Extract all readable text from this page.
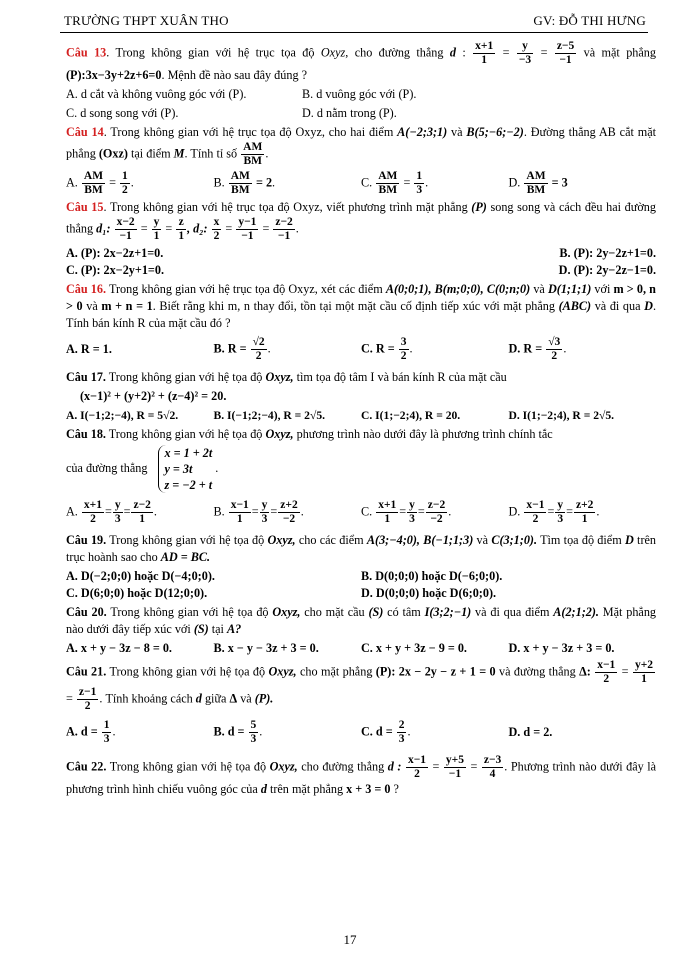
TRƯỜNG THPT XUÂN THO	GV: ĐỖ THI HƯNG
Câu 13. Trong không gian với hệ trục tọa độ Oxyz, cho đường thẳng d : $\frac{x+1}{1} = \frac{y}{-3} = \frac{z-5}{-1}$ và mặt phẳng (P):3x−3y+2z+6=0. Mệnh đề nào sau đây đúng ?
A. d cắt và không vuông góc với (P).	B. d vuông góc với (P).
C. d song song với (P).	D. d nằm trong (P).
Câu 14. Trong không gian với hệ trục tọa độ Oxyz, cho hai điểm A(−2;3;1) và B(5;−6;−2). Đường thẳng AB cắt mặt phẳng (Oxz) tại điểm M. Tính tỉ số $\frac{AM}{BM}$ .
A. $\frac{AM}{BM} = \frac{1}{2}$ .	B. $\frac{AM}{BM} = 2$.	C. $\frac{AM}{BM} = \frac{1}{3}$ .	D. $\frac{AM}{BM} = 3$
Câu 15. Trong không gian với hệ trục tọa độ Oxyz, viết phương trình mặt phẳng (P) song song và cách đều hai đường thẳng d₁: $\frac{x-2}{-1} = \frac{y}{1} = \frac{z}{1}$ , d₂: $\frac{x}{2} = \frac{y-1}{-1} = \frac{z-2}{-1}$ .
A. (P): 2x−2z+1=0.	B. (P): 2y−2z+1=0.
C. (P): 2x−2y+1=0.	D. (P): 2y−2z−1=0.
Câu 16. Trong không gian với hệ trục tọa độ Oxyz, xét các điểm A(0;0;1), B(m;0;0), C(0;n;0) và D(1;1;1) với m > 0, n > 0 và m + n = 1. Biết rằng khi m, n thay đổi, tồn tại một mặt cầu cố định tiếp xúc với mặt phẳng (ABC) và đi qua D. Tính bán kính R của mặt cầu đó ?
A. R = 1.	B. $R = \frac{√2}{2}$ .	C. $R = \frac{3}{2}$ .	D. $R = \frac{√3}{2}$ .
Câu 17. Trong không gian với hệ tọa độ Oxyz, tìm tọa độ tâm I và bán kính R của mặt cầu
(x−1)² + (y+2)² + (z−4)² = 20.
A. I(−1;2;−4), R = 5√2.	B. I(−1;2;−4), R = 2√5.	C. I(1;−2;4), R = 20.	D. I(1;−2;4), R = 2√5.
Câu 18. Trong không gian với hệ tọa độ Oxyz, phương trình nào dưới đây là phương trình chính tắc
của đường thẳng
x = 1 + 2t
y = 3t
z = −2 + t
.
A. $\frac{x+1}{2} = \frac{y}{3} = \frac{z-2}{1}$ .	B. $\frac{x-1}{1} = \frac{y}{3} = \frac{z+2}{-2}$ .	C. $\frac{x+1}{1} = \frac{y}{3} = \frac{z-2}{-2}$ .	D. $\frac{x-1}{2} = \frac{y}{3} = \frac{z+2}{1}$ .
Câu 19. Trong không gian với hệ tọa độ Oxyz, cho các điểm A(3;−4;0), B(−1;1;3) và C(3;1;0). Tìm tọa độ điểm D trên trục hoành sao cho AD = BC.
A. D(−2;0;0) hoặc D(−4;0;0).	B. D(0;0;0) hoặc D(−6;0;0).
C. D(6;0;0) hoặc D(12;0;0).	D. D(0;0;0) hoặc D(6;0;0).
Câu 20. Trong không gian với hệ tọa độ Oxyz, cho mặt cầu (S) có tâm I(3;2;−1) và đi qua điểm A(2;1;2). Mặt phẳng nào dưới đây tiếp xúc với (S) tại A?
A. x + y − 3z − 8 = 0.	B. x − y − 3z + 3 = 0.	C. x + y + 3z − 9 = 0.	D. x + y − 3z + 3 = 0.
Câu 21. Trong không gian với hệ tọa độ Oxyz, cho mặt phẳng (P): 2x − 2y − z + 1 = 0 và đường thẳng Δ: $\frac{x-1}{2} = \frac{y+2}{1}$
= $\frac{z-1}{2}$ . Tính khoảng cách d giữa Δ và (P).
A. $d = \frac{1}{3}$ .	B. $d = \frac{5}{3}$ .	C. $d = \frac{2}{3}$ .	D. d = 2.
Câu 22. Trong không gian với hệ tọa độ Oxyz, cho đường thẳng d : $\frac{x-1}{2} = \frac{y+5}{-1} = \frac{z-3}{4}$ . Phương trình nào dưới đây là phương trình hình chiếu vuông góc của d trên mặt phẳng x + 3 = 0 ?
17
